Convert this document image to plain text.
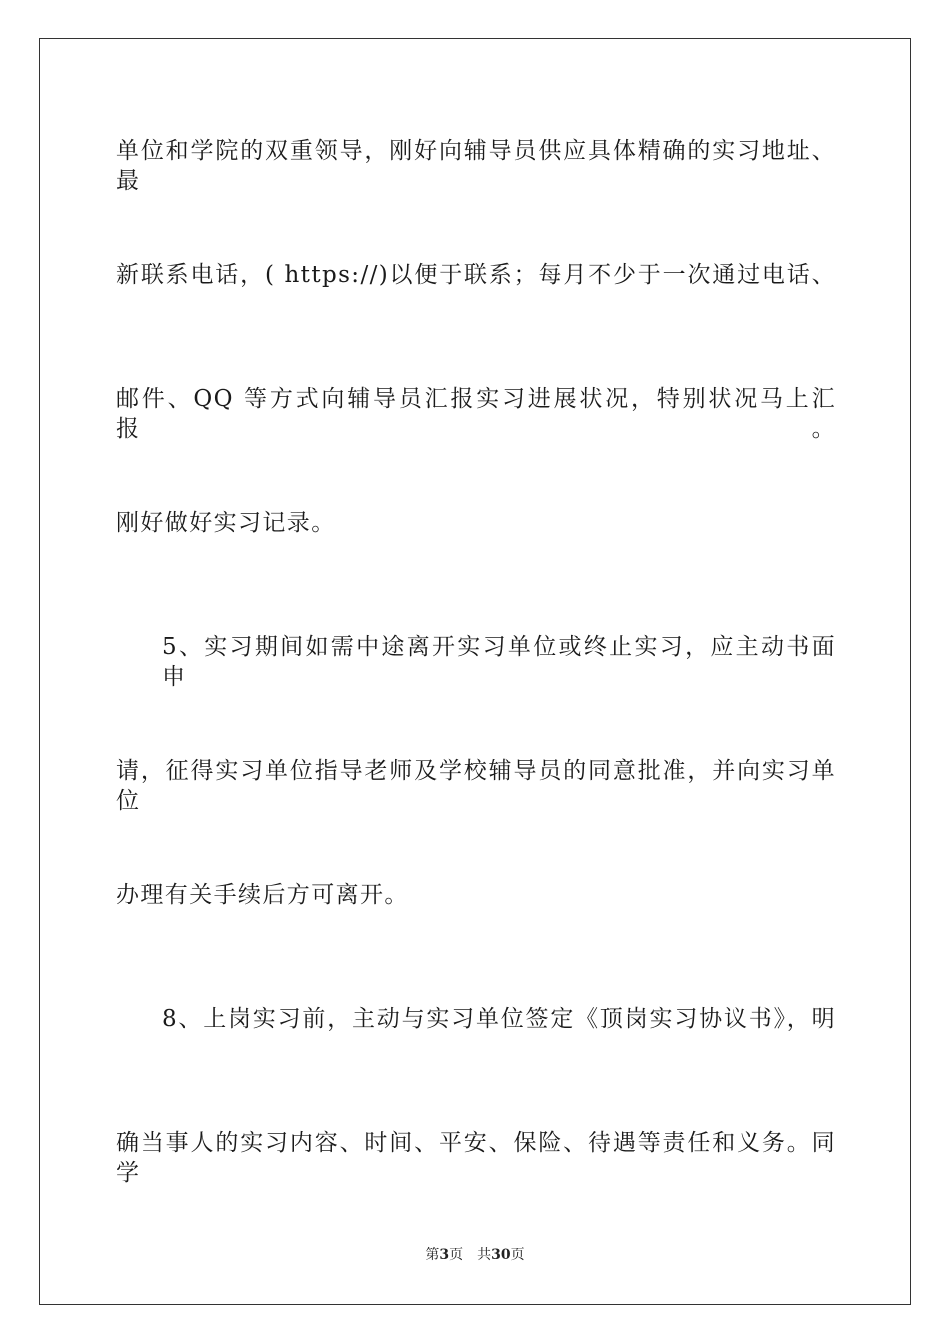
单位和学院的双重领导，刚好向辅导员供应具体精确的实习地址、最
新联系电话，( https://)以便于联系；每月不少于一次通过电话、
邮件、QQ 等方式向辅导员汇报实习进展状况，特别状况马上汇报。
刚好做好实习记录。
5、实习期间如需中途离开实习单位或终止实习，应主动书面申
请，征得实习单位指导老师及学校辅导员的同意批准，并向实习单位
办理有关手续后方可离开。
8、上岗实习前，主动与实习单位签定《顶岗实习协议书》，明
确当事人的实习内容、时间、平安、保险、待遇等责任和义务。同学
第3页 共30页
